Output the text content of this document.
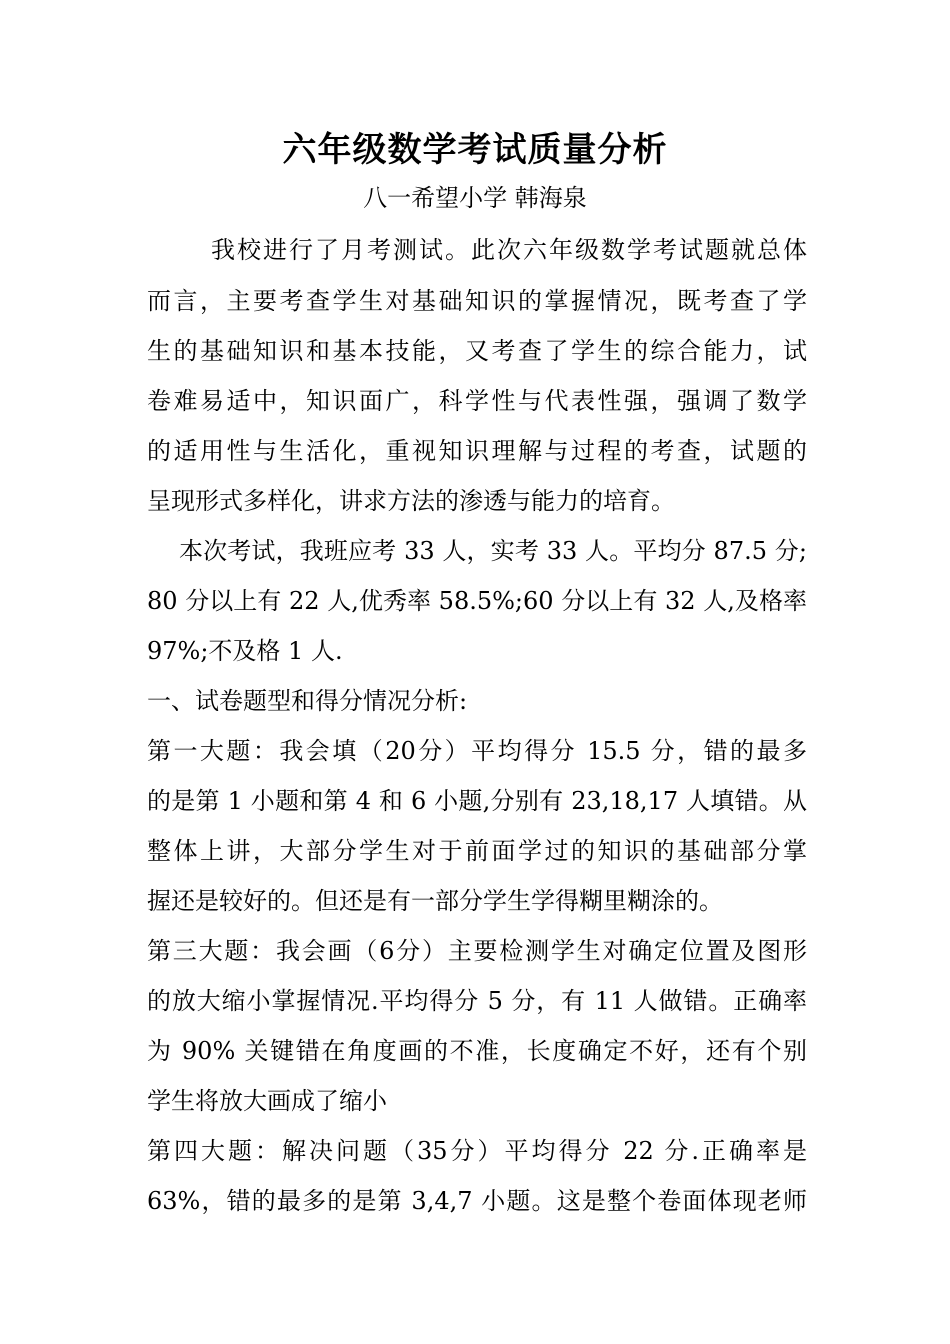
六年级数学考试质量分析

八一希望小学 韩海泉

我校进行了月考测试。此次六年级数学考试题就总体

而言，主要考查学生对基础知识的掌握情况，既考查了学

生的基础知识和基本技能，又考查了学生的综合能力，试

卷难易适中，知识面广，科学性与代表性强，强调了数学

的适用性与生活化，重视知识理解与过程的考查，试题的

呈现形式多样化，讲求方法的渗透与能力的培育。

本次考试，我班应考 33 人，实考 33 人。平均分 87.5 分;

80 分以上有 22 人,优秀率 58.5%;60 分以上有 32 人,及格率

97%;不及格 1 人.

一、试卷题型和得分情况分析:

第一大题：我会填（20分）平均得分 15.5 分，错的最多

的是第 1 小题和第 4 和 6 小题,分别有 23,18,17 人填错。从

整体上讲，大部分学生对于前面学过的知识的基础部分掌

握还是较好的。但还是有一部分学生学得糊里糊涂的。

第三大题：我会画（6分）主要检测学生对确定位置及图形

的放大缩小掌握情况.平均得分 5 分，有 11 人做错。正确率

为 90% 关键错在角度画的不准，长度确定不好，还有个别

学生将放大画成了缩小

第四大题：解决问题（35分）平均得分 22 分.正确率是

63%，错的最多的是第 3,4,7 小题。这是整个卷面体现老师
